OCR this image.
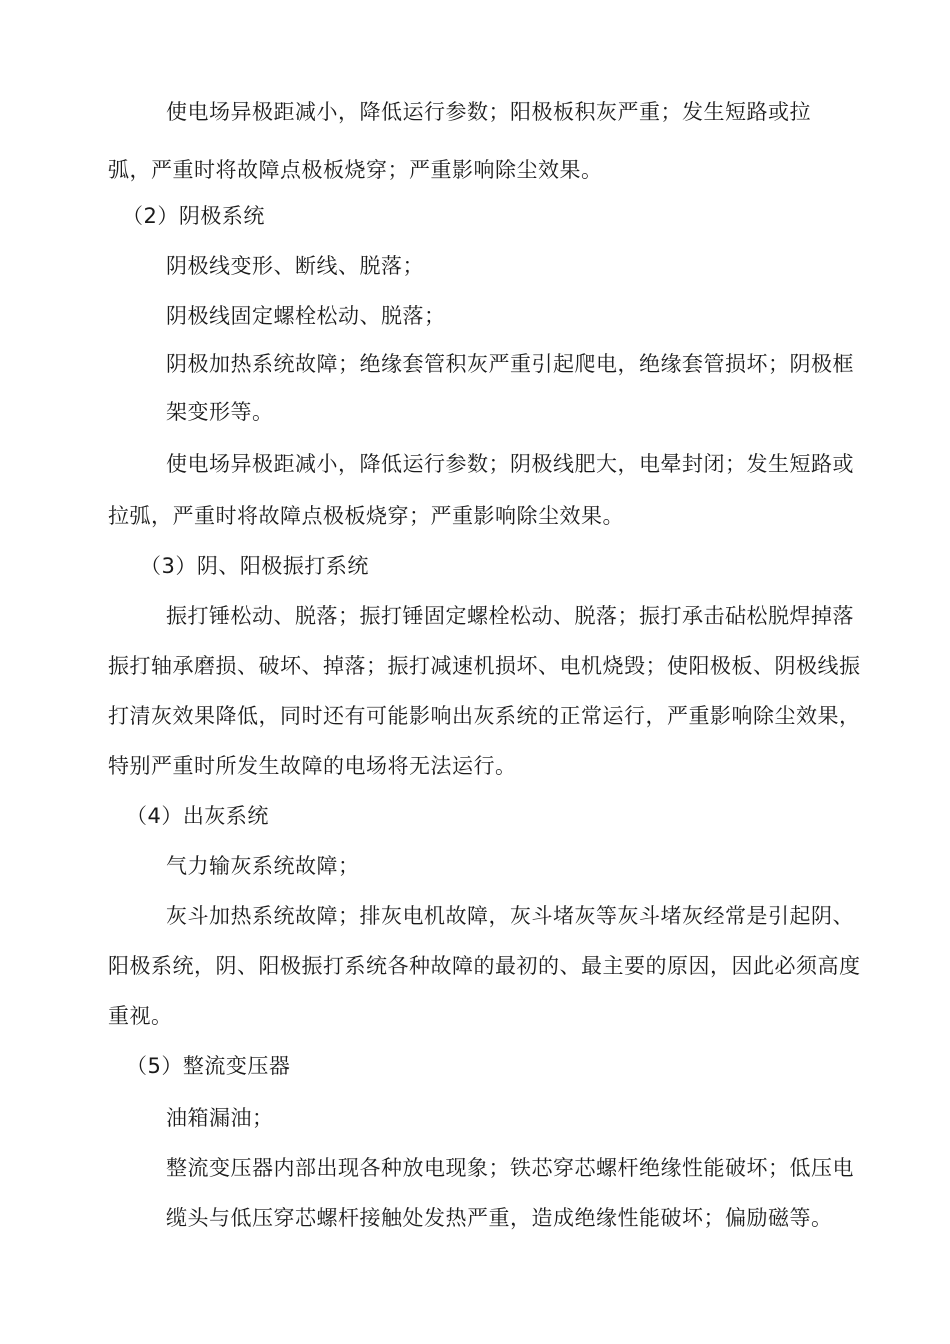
使电场异极距减小，降低运行参数；阳极板积灰严重；发生短路或拉
弧，严重时将故障点极板烧穿；严重影响除尘效果。
（2）阴极系统
阴极线变形、断线、脱落；
阴极线固定螺栓松动、脱落；
阴极加热系统故障；绝缘套管积灰严重引起爬电，绝缘套管损坏；阴极框
架变形等。
使电场异极距减小，降低运行参数；阴极线肥大，电晕封闭；发生短路或
拉弧，严重时将故障点极板烧穿；严重影响除尘效果。
（3）阴、阳极振打系统
振打锤松动、脱落；振打锤固定螺栓松动、脱落；振打承击砧松脱焊掉落
振打轴承磨损、破坏、掉落；振打减速机损坏、电机烧毁；使阳极板、阴极线振
打清灰效果降低，同时还有可能影响出灰系统的正常运行，严重影响除尘效果，
特别严重时所发生故障的电场将无法运行。
（4）出灰系统
气力输灰系统故障；
灰斗加热系统故障；排灰电机故障，灰斗堵灰等灰斗堵灰经常是引起阴、
阳极系统，阴、阳极振打系统各种故障的最初的、最主要的原因，因此必须高度
重视。
（5）整流变压器
油箱漏油；
整流变压器内部出现各种放电现象；铁芯穿芯螺杆绝缘性能破坏；低压电
缆头与低压穿芯螺杆接触处发热严重，造成绝缘性能破坏；偏励磁等。
